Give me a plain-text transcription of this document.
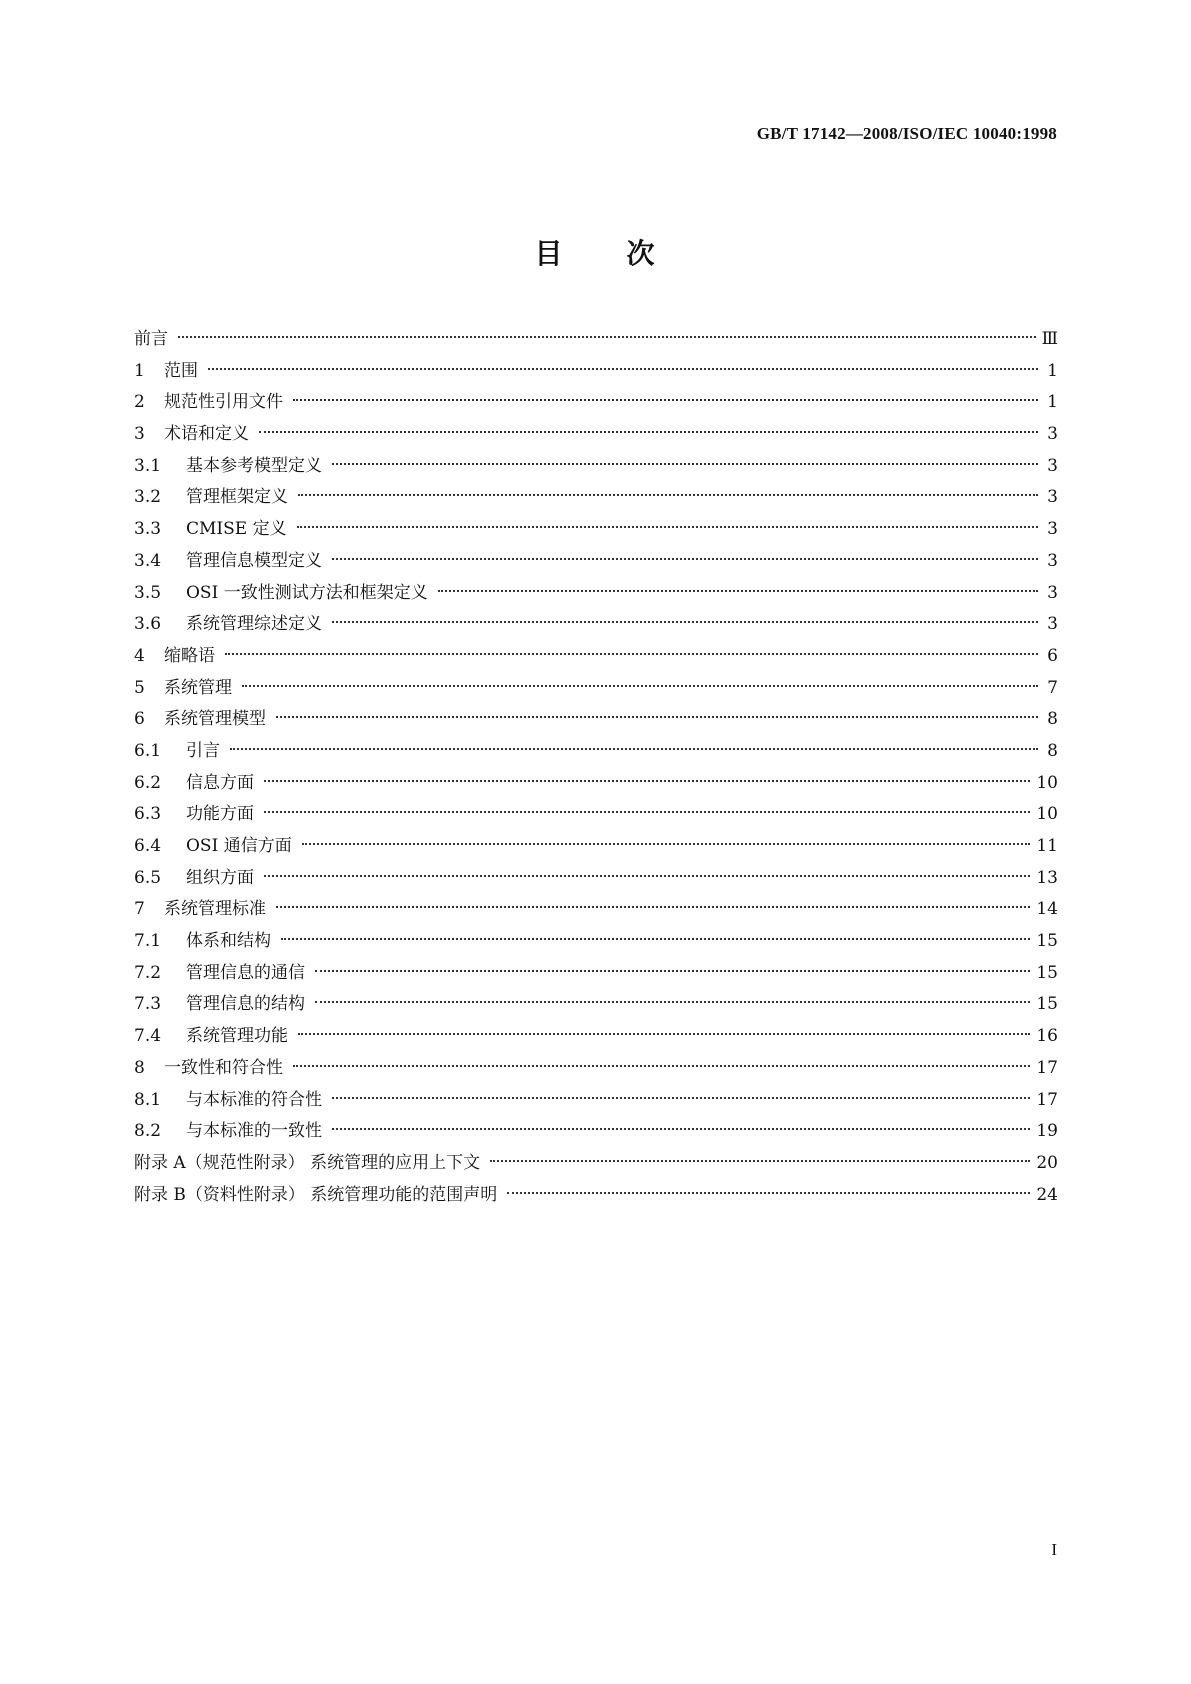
GB/T 17142—2008/ISO/IEC 10040:1998
目 次
前言	Ⅲ
1	范围	1
2	规范性引用文件	1
3	术语和定义	3
3.1	基本参考模型定义	3
3.2	管理框架定义	3
3.3	CMISE 定义	3
3.4	管理信息模型定义	3
3.5	OSI 一致性测试方法和框架定义	3
3.6	系统管理综述定义	3
4	缩略语	6
5	系统管理	7
6	系统管理模型	8
6.1	引言	8
6.2	信息方面	10
6.3	功能方面	10
6.4	OSI 通信方面	11
6.5	组织方面	13
7	系统管理标准	14
7.1	体系和结构	15
7.2	管理信息的通信	15
7.3	管理信息的结构	15
7.4	系统管理功能	16
8	一致性和符合性	17
8.1	与本标准的符合性	17
8.2	与本标准的一致性	19
附录 A（规范性附录） 系统管理的应用上下文	20
附录 B（资料性附录） 系统管理功能的范围声明	24
I
